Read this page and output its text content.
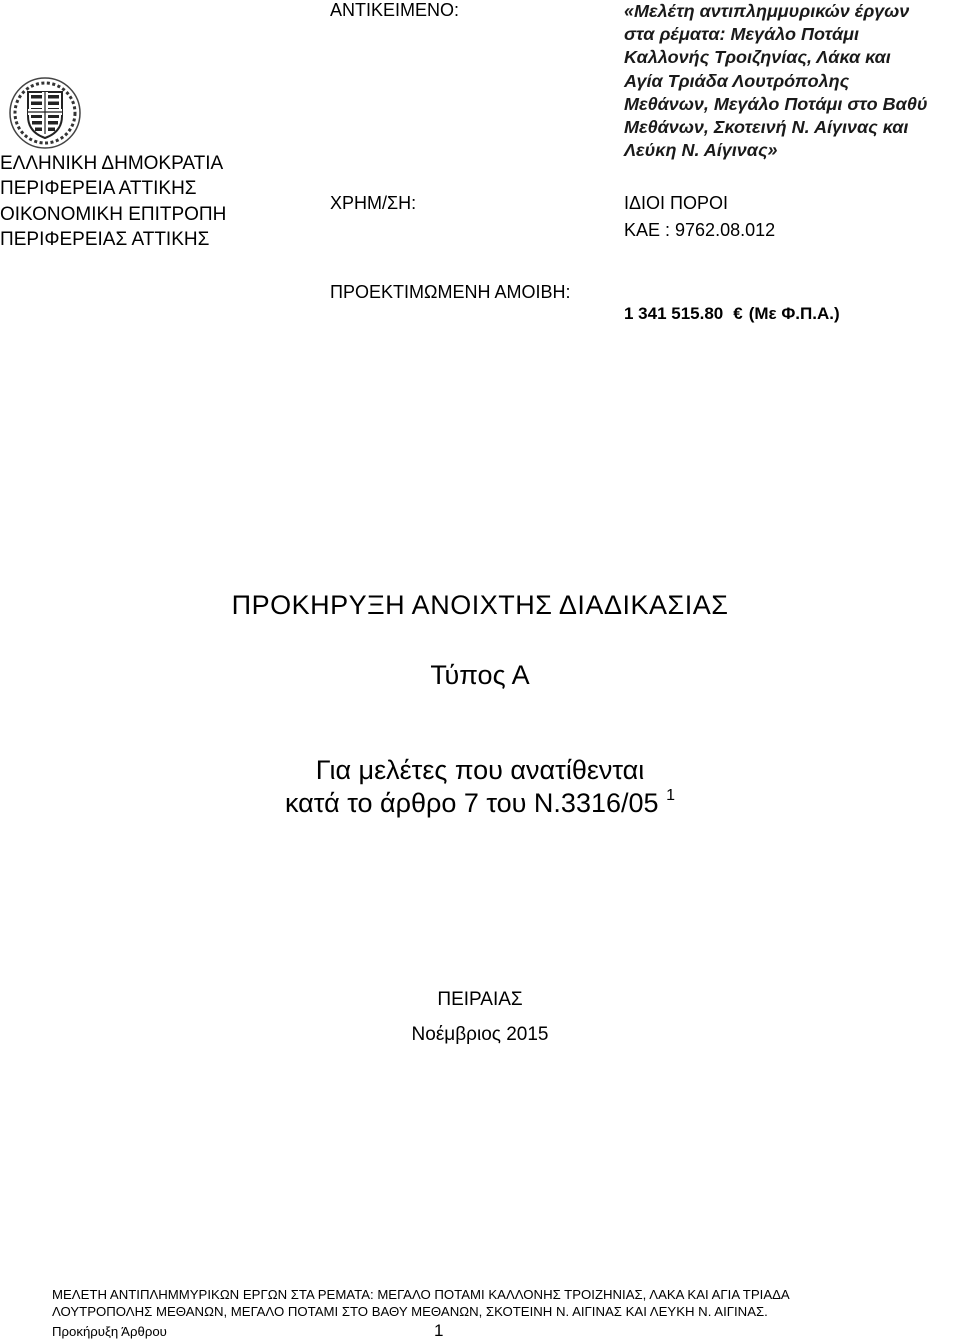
ΕΛΛΗΝΙΚΗ ΔΗΜΟΚΡΑΤΙΑ
ΠΕΡΙΦΕΡΕΙΑ ΑΤΤΙΚΗΣ
ΟΙΚΟΝΟΜΙΚΗ ΕΠΙΤΡΟΠΗ
ΠΕΡΙΦΕΡΕΙΑΣ ΑΤΤΙΚΗΣ
ΑΝΤΙΚΕΙΜΕΝΟ:	«Μελέτη αντιπλημμυρικών έργων
στα ρέματα: Μεγάλο Ποτάμι
Καλλονής Τροιζηνίας, Λάκα και
Αγία Τριάδα Λουτρόπολης
Μεθάνων, Μεγάλο Ποτάμι στο Βαθύ
Μεθάνων, Σκοτεινή Ν. Αίγινας και
Λεύκη Ν. Αίγινας»
ΧΡΗΜ/ΣΗ:	ΙΔΙΟΙ ΠΟΡΟΙ
ΚΑΕ : 9762.08.012
ΠΡΟΕΚΤΙΜΩΜΕΝΗ ΑΜΟΙΒΗ:
1 341 515.80 € (Με Φ.Π.Α.)
ΠΡΟΚΗΡΥΞΗ ΑΝΟΙΧΤΗΣ ΔΙΑΔΙΚΑΣΙΑΣ
Τύπος Α
Για μελέτες που ανατίθενται
κατά το άρθρο 7 του Ν.3316/05 $^1$
ΠΕΙΡΑΙΑΣ
Νοέμβριος 2015
ΜΕΛΕΤΗ ΑΝΤΙΠΛΗΜΜΥΡΙΚΩΝ ΕΡΓΩΝ ΣΤΑ ΡΕΜΑΤΑ: ΜΕΓΑΛΟ ΠΟΤΑΜΙ ΚΑΛΛΟΝΗΣ ΤΡΟΙΖΗΝΙΑΣ, ΛΑΚΑ ΚΑΙ ΑΓΙΑ ΤΡΙΑΔΑ
ΛΟΥΤΡΟΠΟΛΗΣ ΜΕΘΑΝΩΝ, ΜΕΓΑΛΟ ΠΟΤΑΜΙ ΣΤΟ ΒΑΘΥ ΜΕΘΑΝΩΝ, ΣΚΟΤΕΙΝΗ Ν. ΑΙΓΙΝΑΣ ΚΑΙ ΛΕΥΚΗ Ν. ΑΙΓΙΝΑΣ.
Προκήρυξη Άρθρου	1
